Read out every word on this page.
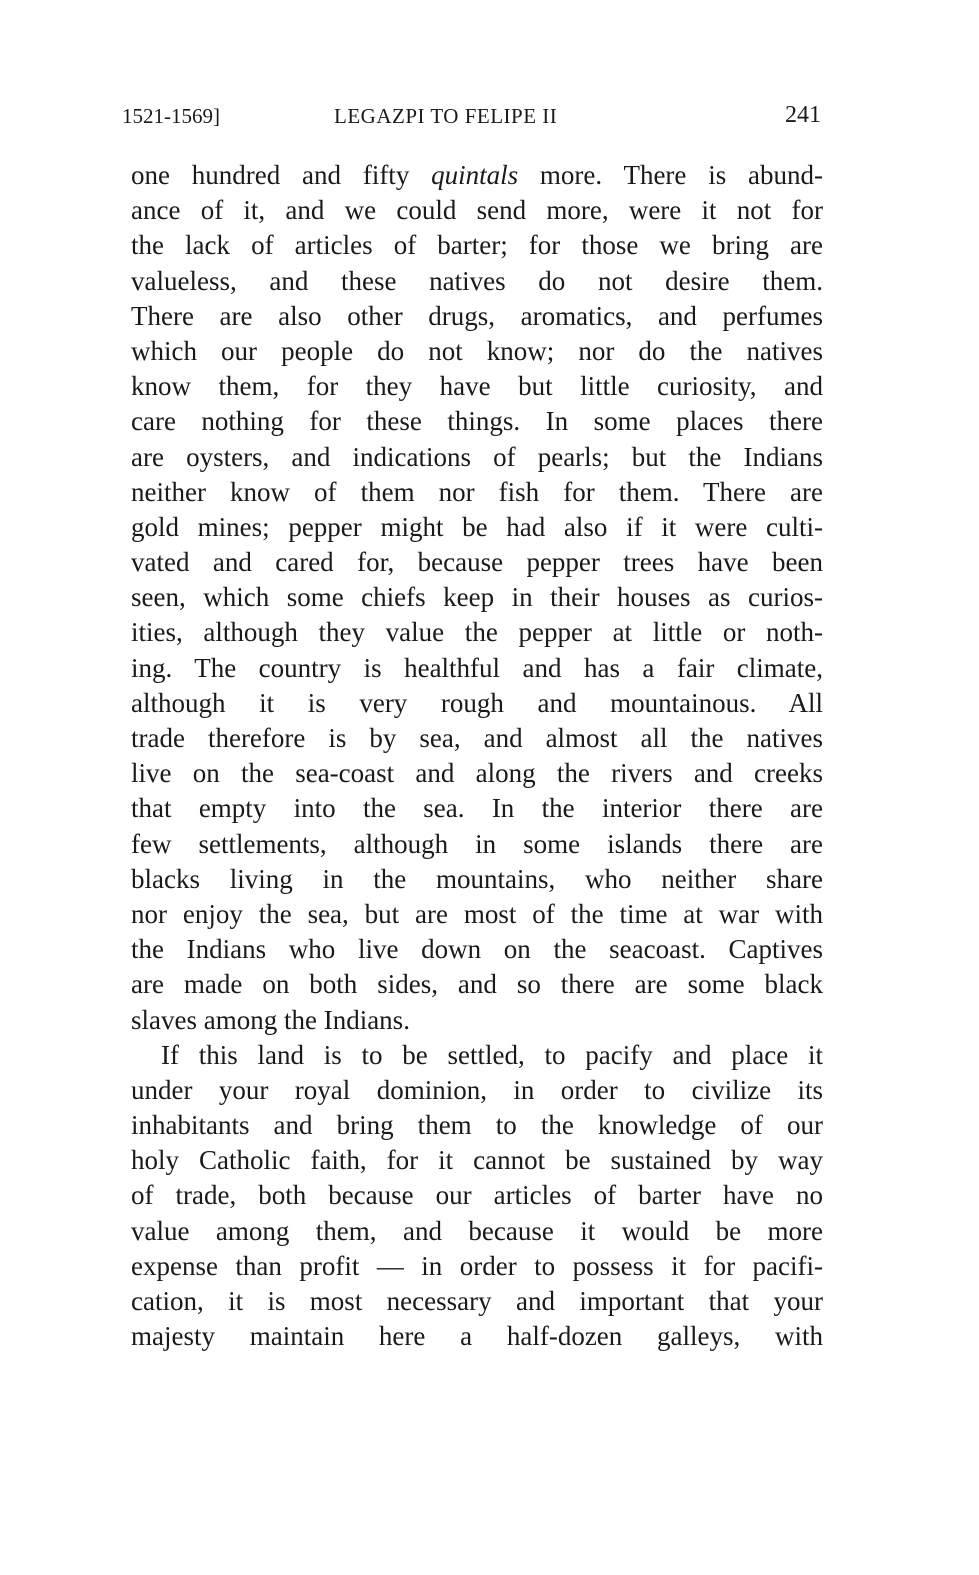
1521-1569]	LEGAZPI TO FELIPE II	241
one hundred and fifty quintals more. There is abund-
ance of it, and we could send more, were it not for
the lack of articles of barter; for those we bring are
valueless, and these natives do not desire them.
There are also other drugs, aromatics, and perfumes
which our people do not know; nor do the natives
know them, for they have but little curiosity, and
care nothing for these things. In some places there
are oysters, and indications of pearls; but the Indians
neither know of them nor fish for them. There are
gold mines; pepper might be had also if it were culti-
vated and cared for, because pepper trees have been
seen, which some chiefs keep in their houses as curios-
ities, although they value the pepper at little or noth-
ing. The country is healthful and has a fair climate,
although it is very rough and mountainous. All
trade therefore is by sea, and almost all the natives
live on the sea-coast and along the rivers and creeks
that empty into the sea. In the interior there are
few settlements, although in some islands there are
blacks living in the mountains, who neither share
nor enjoy the sea, but are most of the time at war with
the Indians who live down on the seacoast. Captives
are made on both sides, and so there are some black
slaves among the Indians.
If this land is to be settled, to pacify and place it
under your royal dominion, in order to civilize its
inhabitants and bring them to the knowledge of our
holy Catholic faith, for it cannot be sustained by way
of trade, both because our articles of barter have no
value among them, and because it would be more
expense than profit — in order to possess it for pacifi-
cation, it is most necessary and important that your
majesty maintain here a half-dozen galleys, with
